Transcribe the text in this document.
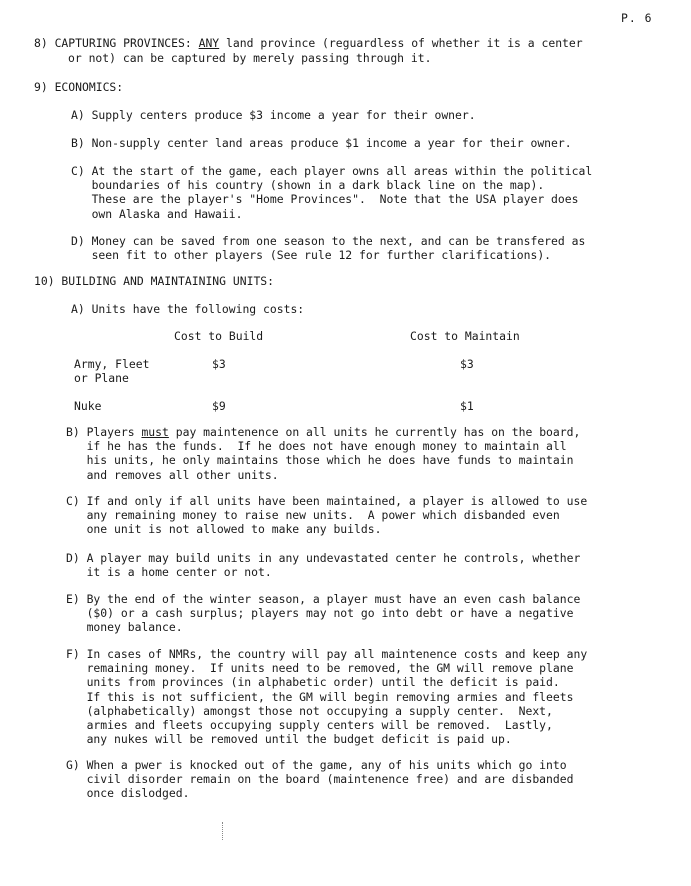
P. 6
8) CAPTURING PROVINCES: ANY land province (reguardless of whether it is a center
or not) can be captured by merely passing through it.
9) ECONOMICS:
A) Supply centers produce $3 income a year for their owner.
B) Non-supply center land areas produce $1 income a year for their owner.
C) At the start of the game, each player owns all areas within the political
boundaries of his country (shown in a dark black line on the map).
These are the player's "Home Provinces".  Note that the USA player does
own Alaska and Hawaii.
D) Money can be saved from one season to the next, and can be transfered as
seen fit to other players (See rule 12 for further clarifications).
10) BUILDING AND MAINTAINING UNITS:
A) Units have the following costs:
	Cost to Build	Cost to Maintain

Army, Fleet
or Plane	$3	$3
Nuke	$9	$1
B) Players must pay maintenence on all units he currently has on the board,
if he has the funds.  If he does not have enough money to maintain all
his units, he only maintains those which he does have funds to maintain
and removes all other units.
C) If and only if all units have been maintained, a player is allowed to use
any remaining money to raise new units.  A power which disbanded even
one unit is not allowed to make any builds.
D) A player may build units in any undevastated center he controls, whether
it is a home center or not.
E) By the end of the winter season, a player must have an even cash balance
($0) or a cash surplus; players may not go into debt or have a negative
money balance.
F) In cases of NMRs, the country will pay all maintenence costs and keep any
remaining money.  If units need to be removed, the GM will remove plane
units from provinces (in alphabetic order) until the deficit is paid.
If this is not sufficient, the GM will begin removing armies and fleets
(alphabetically) amongst those not occupying a supply center.  Next,
armies and fleets occupying supply centers will be removed.  Lastly,
any nukes will be removed until the budget deficit is paid up.
G) When a pwer is knocked out of the game, any of his units which go into
civil disorder remain on the board (maintenence free) and are disbanded
once dislodged.
